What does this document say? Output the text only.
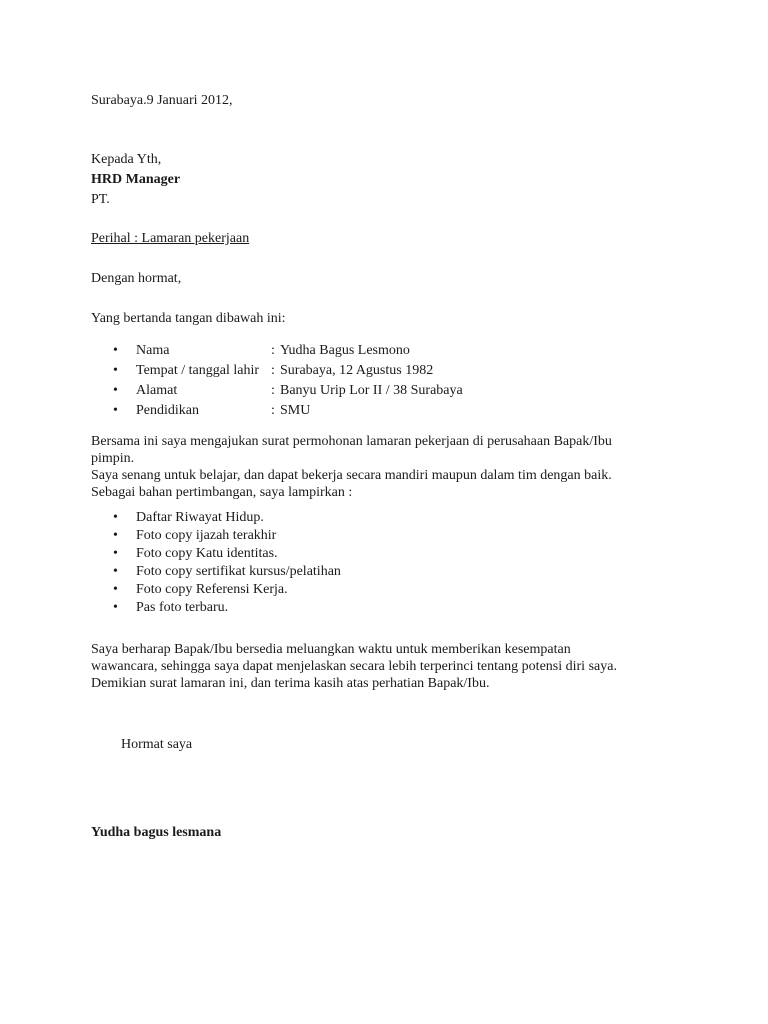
Surabaya.9 Januari 2012,
Kepada Yth,
HRD Manager
PT.
Perihal : Lamaran pekerjaan
Dengan hormat,
Yang bertanda tangan dibawah ini:
•	Nama	: Yudha Bagus Lesmono
•	Tempat / tanggal lahir : Surabaya, 12 Agustus 1982
•	Alamat	: Banyu Urip Lor II / 38 Surabaya
•	Pendidikan	: SMU
Bersama ini saya mengajukan surat permohonan lamaran pekerjaan di perusahaan Bapak/Ibu
pimpin.
Saya senang untuk belajar, dan dapat bekerja secara mandiri maupun dalam tim dengan baik.
Sebagai bahan pertimbangan, saya lampirkan :
•	Daftar Riwayat Hidup.
•	Foto copy ijazah terakhir
•	Foto copy Katu identitas.
•	Foto copy sertifikat kursus/pelatihan
•	Foto copy Referensi Kerja.
•	Pas foto terbaru.
Saya berharap Bapak/Ibu bersedia meluangkan waktu untuk memberikan kesempatan
wawancara, sehingga saya dapat menjelaskan secara lebih terperinci tentang potensi diri saya.
Demikian surat lamaran ini, dan terima kasih atas perhatian Bapak/Ibu.
Hormat saya
Yudha bagus lesmana
